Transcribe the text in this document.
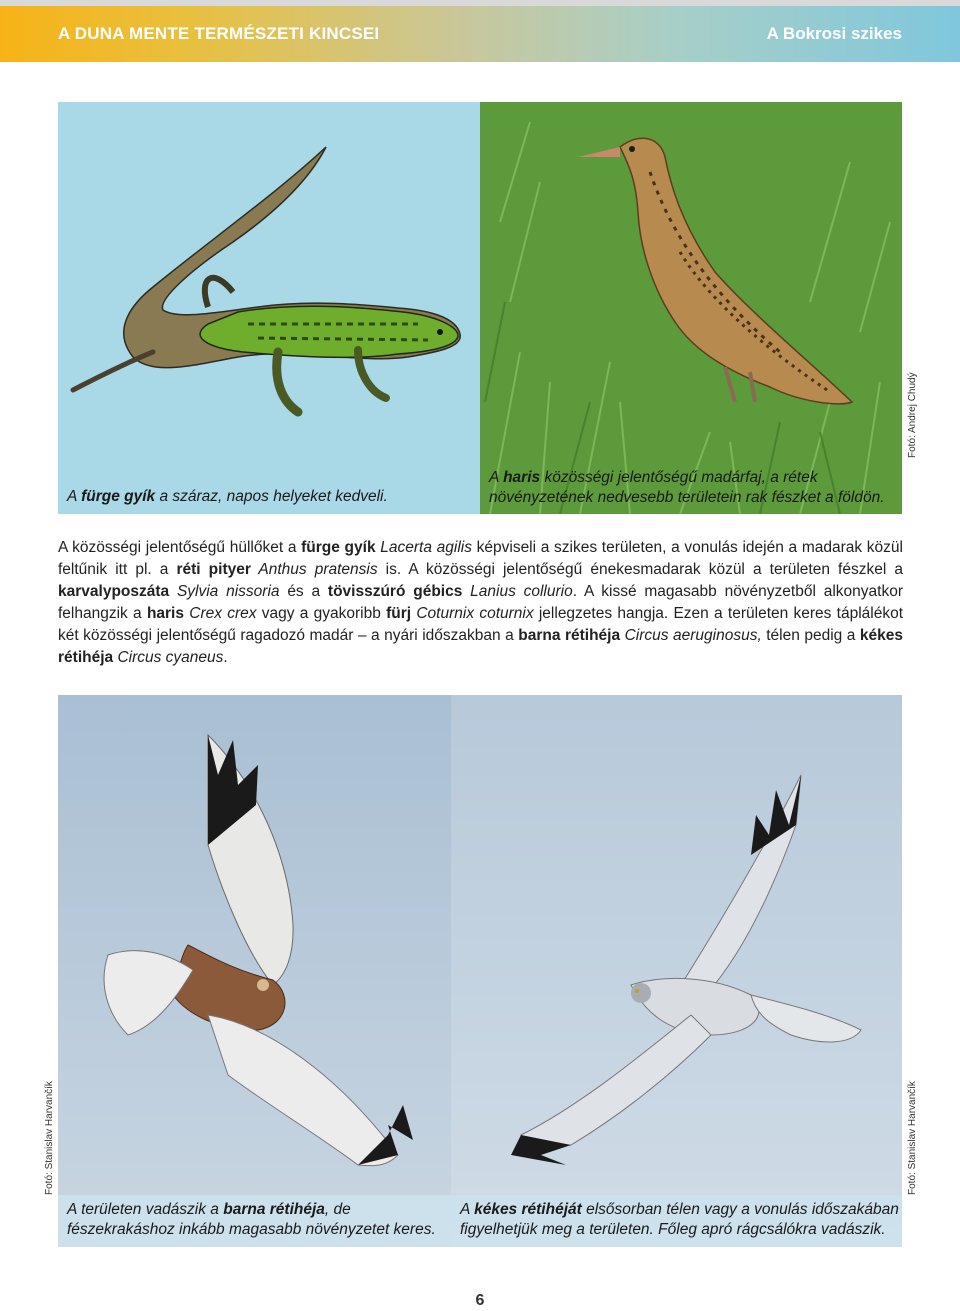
A DUNA MENTE TERMÉSZETI KINCSEI	A Bokrosi szikes
A fürge gyík a száraz, napos helyeket kedveli.
A haris közösségi jelentőségű madárfaj, a rétek
növényzetének nedvesebb területein rak fészket a földön.
Fotó: Andrej Chudý
A közösségi jelentőségű hüllőket a fürge gyík Lacerta agilis képviseli a szikes területen, a vonulás idején a madarak közül feltűnik itt pl. a réti pityer Anthus pratensis is. A közösségi jelentőségű énekesmadarak közül a területen fészkel a karvalyposzáta Sylvia nissoria és a tövisszúró gébics Lanius collurio. A kissé magasabb növényzetből alkonyatkor felhangzik a haris Crex crex vagy a gyakoribb fürj Coturnix coturnix jellegzetes hangja. Ezen a területen keres táplálékot két közösségi jelentőségű ragadozó madár – a nyári időszakban a barna rétihéja Circus aeruginosus, télen pedig a kékes rétihéja Circus cyaneus.
A területen vadászik a barna rétihéja, de
fészekrakáshoz inkább magasabb növényzetet keres.
Fotó: Stanislav Harvančík
A kékes rétihéját elsősorban télen vagy a vonulás időszakában
figyelhetjük meg a területen. Főleg apró rágcsálókra vadászik.
Fotó: Stanislav Harvančík
6
